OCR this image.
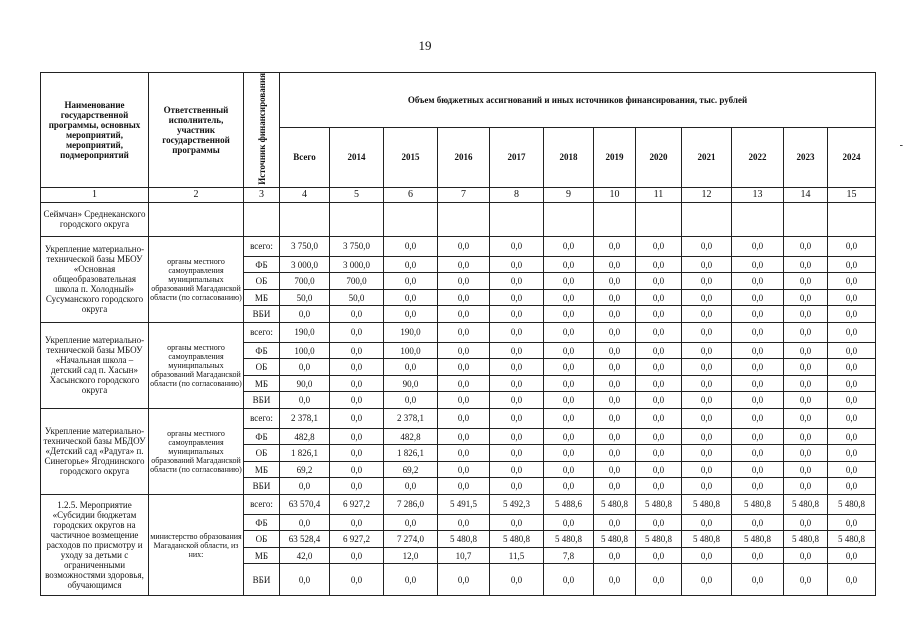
19
Наименование государственной программы, основных мероприятий, мероприятий, подмероприятий	Ответственный исполнитель, участник государственной программы	Источник финансирования	Объем бюджетных ассигнований и иных источников финансирования, тыс. рублей											
			Всего	2014	2015	2016	2017	2018	2019	2020	2021	2022	2023	2024
1	2	3	4	5	6	7	8	9	10	11	12	13	14	15
Сеймчан» Среднеканского городского округа														
Укрепление материально-технической базы МБОУ «Основная общеобразовательная школа п. Холодный» Сусуманского городского округа	органы местного самоуправления муниципальных образований Магаданской области (по согласованию)	всего:	3 750,0	3 750,0	0,0	0,0	0,0	0,0	0,0	0,0	0,0	0,0	0,0	0,0
		ФБ	3 000,0	3 000,0	0,0	0,0	0,0	0,0	0,0	0,0	0,0	0,0	0,0	0,0
		ОБ	700,0	700,0	0,0	0,0	0,0	0,0	0,0	0,0	0,0	0,0	0,0	0,0
		МБ	50,0	50,0	0,0	0,0	0,0	0,0	0,0	0,0	0,0	0,0	0,0	0,0
		ВБИ	0,0	0,0	0,0	0,0	0,0	0,0	0,0	0,0	0,0	0,0	0,0	0,0
Укрепление материально-технической базы МБОУ «Начальная школа – детский сад п. Хасын» Хасынского городского округа	органы местного самоуправления муниципальных образований Магаданской области (по согласованию)	всего:	190,0	0,0	190,0	0,0	0,0	0,0	0,0	0,0	0,0	0,0	0,0	0,0
		ФБ	100,0	0,0	100,0	0,0	0,0	0,0	0,0	0,0	0,0	0,0	0,0	0,0
		ОБ	0,0	0,0	0,0	0,0	0,0	0,0	0,0	0,0	0,0	0,0	0,0	0,0
		МБ	90,0	0,0	90,0	0,0	0,0	0,0	0,0	0,0	0,0	0,0	0,0	0,0
		ВБИ	0,0	0,0	0,0	0,0	0,0	0,0	0,0	0,0	0,0	0,0	0,0	0,0
Укрепление материально-технической базы МБДОУ «Детский сад «Радуга» п. Синегорье» Ягоднинского городского округа	органы местного самоуправления муниципальных образований Магаданской области (по согласованию)	всего:	2 378,1	0,0	2 378,1	0,0	0,0	0,0	0,0	0,0	0,0	0,0	0,0	0,0
		ФБ	482,8	0,0	482,8	0,0	0,0	0,0	0,0	0,0	0,0	0,0	0,0	0,0
		ОБ	1 826,1	0,0	1 826,1	0,0	0,0	0,0	0,0	0,0	0,0	0,0	0,0	0,0
		МБ	69,2	0,0	69,2	0,0	0,0	0,0	0,0	0,0	0,0	0,0	0,0	0,0
		ВБИ	0,0	0,0	0,0	0,0	0,0	0,0	0,0	0,0	0,0	0,0	0,0	0,0
1.2.5. Мероприятие «Субсидии бюджетам городских округов на частичное возмещение расходов по присмотру и уходу за детьми с ограниченными возможностями здоровья, обучающимся	министерство образования Магаданской области, из них:	всего:	63 570,4	6 927,2	7 286,0	5 491,5	5 492,3	5 488,6	5 480,8	5 480,8	5 480,8	5 480,8	5 480,8	5 480,8
		ФБ	0,0	0,0	0,0	0,0	0,0	0,0	0,0	0,0	0,0	0,0	0,0	0,0
		ОБ	63 528,4	6 927,2	7 274,0	5 480,8	5 480,8	5 480,8	5 480,8	5 480,8	5 480,8	5 480,8	5 480,8	5 480,8
		МБ	42,0	0,0	12,0	10,7	11,5	7,8	0,0	0,0	0,0	0,0	0,0	0,0
		ВБИ	0,0	0,0	0,0	0,0	0,0	0,0	0,0	0,0	0,0	0,0	0,0	0,0
-
